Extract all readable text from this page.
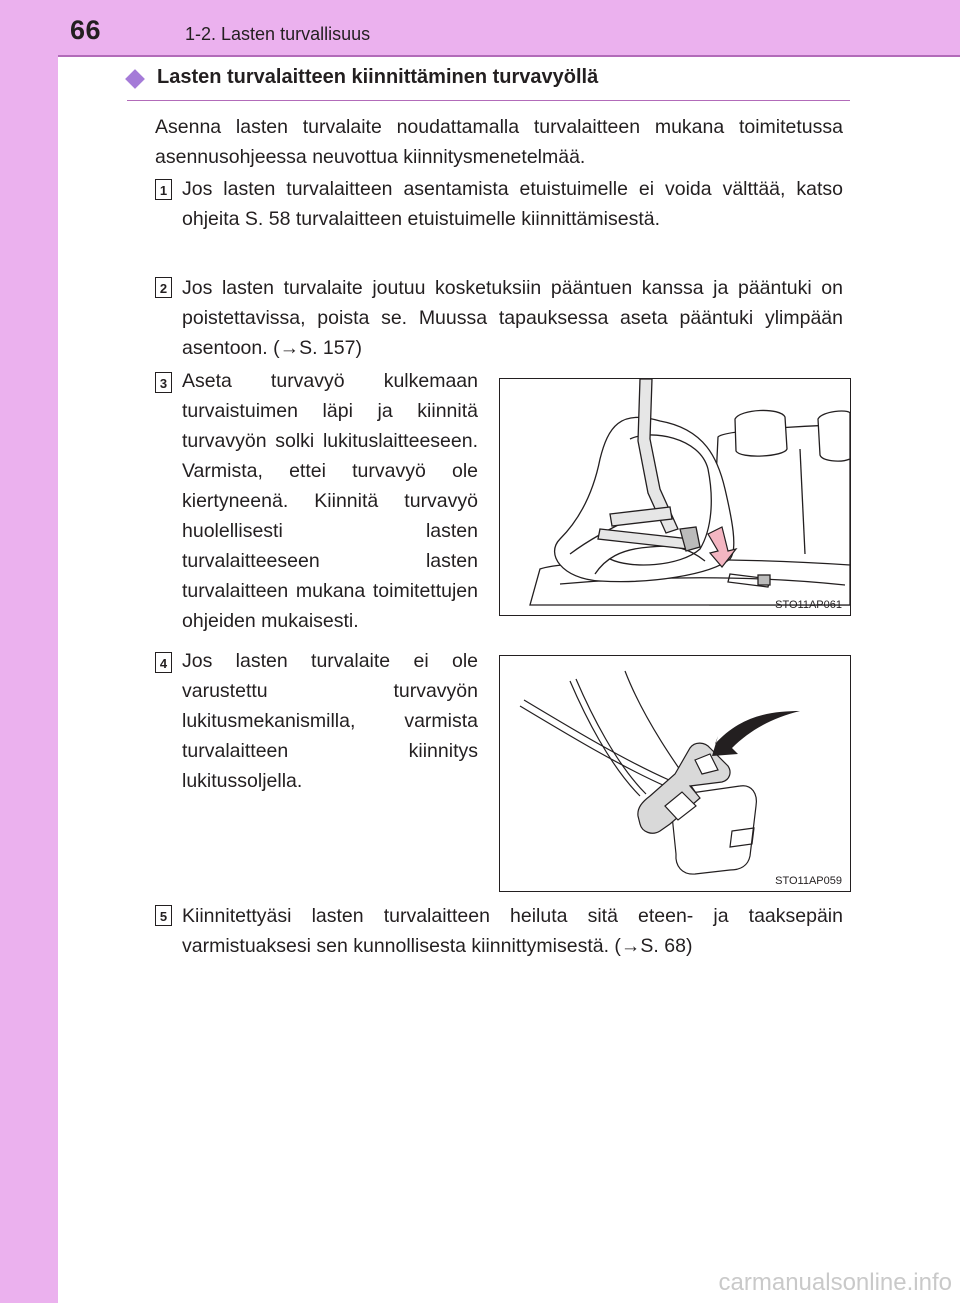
66	1-2. Lasten turvallisuus
Lasten turvalaitteen kiinnittäminen turvavyöllä

Asenna lasten turvalaite noudattamalla turvalaitteen mukana toimitetussa asennusohjeessa neuvottua kiinnitysmenetelmää.

1 Jos lasten turvalaitteen asentamista etuistuimelle ei voida välttää, katso ohjeita S. 58 turvalaitteen etuistuimelle kiinnittämisestä.

2 Jos lasten turvalaite joutuu kosketuksiin pääntuen kanssa ja pääntuki on poistettavissa, poista se. Muussa tapauksessa aseta pääntuki ylimpään asentoon. (→S. 157)

3 Aseta turvavyö kulkemaan turvaistuimen läpi ja kiinnitä turvavyön solki lukituslaitteeseen. Varmista, ettei turvavyö ole kiertyneenä. Kiinnitä turvavyö huolellisesti lasten turvalaitteeseen lasten turvalaitteen mukana toimitettujen ohjeiden mukaisesti.

STO11AP061
4 Jos lasten turvalaite ei ole varustettu turvavyön lukitusmekanismilla, varmista turvalaitteen kiinnitys lukitussoljella.

STO11AP059
5 Kiinnitettyäsi lasten turvalaitteen heiluta sitä eteen- ja taaksepäin varmistuaksesi sen kunnollisesta kiinnittymisestä. (→S. 68)

carmanualsonline.info
